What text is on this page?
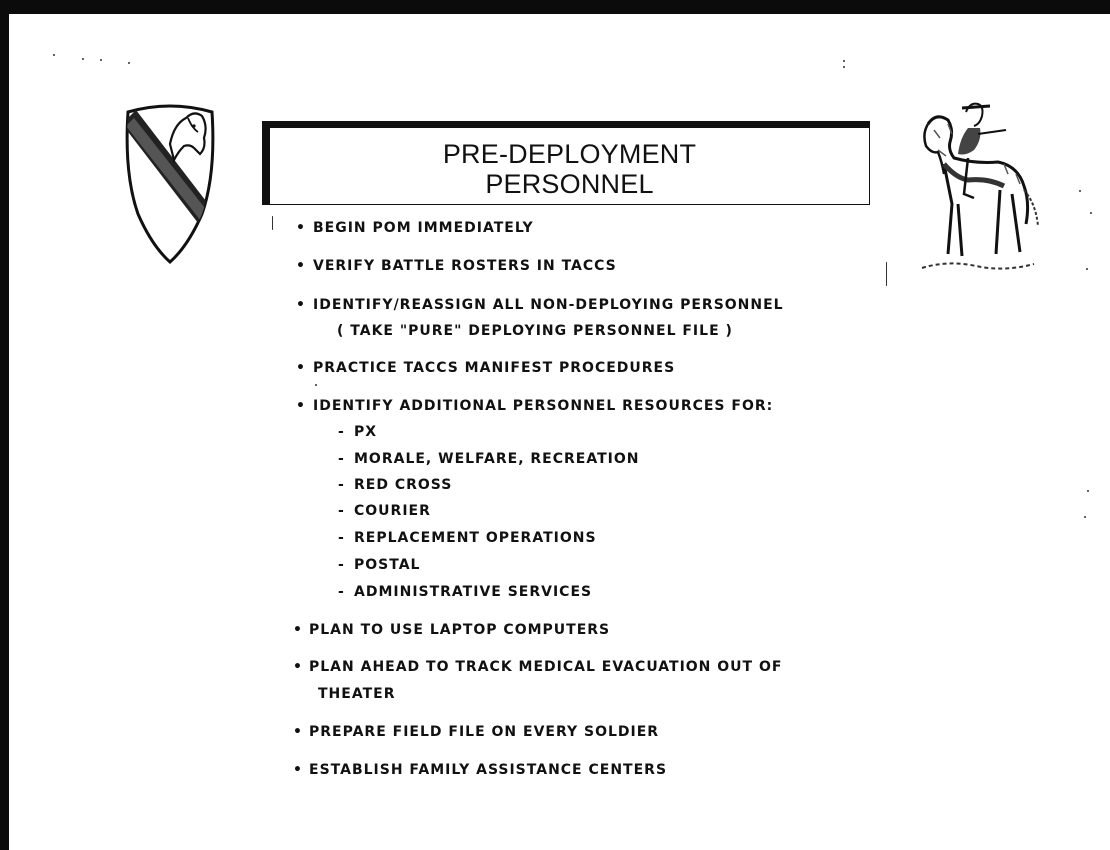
PRE-DEPLOYMENT
PERSONNEL
• BEGIN POM IMMEDIATELY
• VERIFY BATTLE ROSTERS IN TACCS
• IDENTIFY/REASSIGN ALL NON-DEPLOYING PERSONNEL
( TAKE "PURE" DEPLOYING PERSONNEL FILE )
• PRACTICE TACCS MANIFEST PROCEDURES
• IDENTIFY ADDITIONAL PERSONNEL RESOURCES FOR:
- PX
- MORALE, WELFARE, RECREATION
- RED CROSS
- COURIER
- REPLACEMENT OPERATIONS
- POSTAL
- ADMINISTRATIVE SERVICES
• PLAN TO USE LAPTOP COMPUTERS
• PLAN AHEAD TO TRACK MEDICAL EVACUATION OUT OF
THEATER
• PREPARE FIELD FILE ON EVERY SOLDIER
• ESTABLISH FAMILY ASSISTANCE CENTERS
